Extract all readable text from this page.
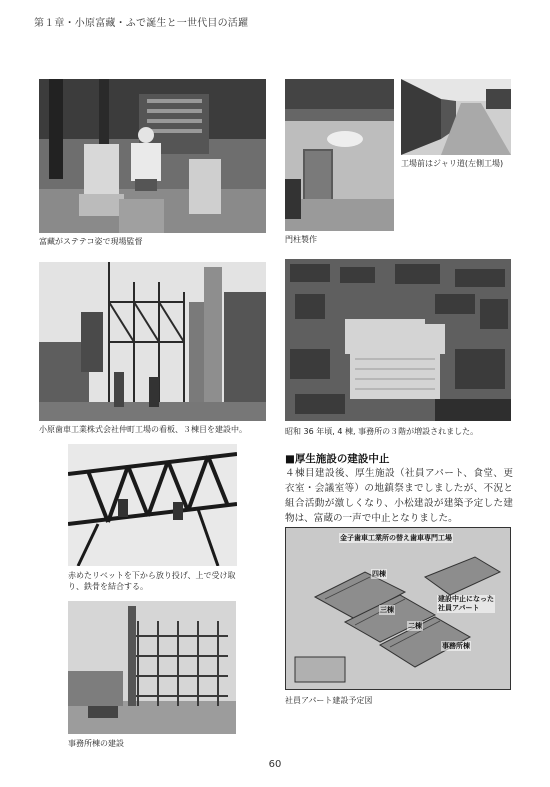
第１章・小原富藏・ふで誕生と一世代目の活躍
富藏がステテコ姿で現場監督	門柱製作
工場前はジャリ道(左側工場)
小原歯車工業株式会社仲町工場の看板、３棟目を建設中。	昭和 36 年頃, 4 棟, 事務所の３階が増設されました。
赤めたリベットを下から放り投げ、上で受け取り、鉄骨を結合する。
事務所棟の建設
■厚生施設の建設中止
４棟目建設後、厚生施設（社員アパート、食堂、更衣室・会議室等）の地鎮祭までしましたが、不況と組合活動が激しくなり、小松建設が建築予定した建物は、富蔵の一声で中止となりました。
金子歯車工業所の替え歯車専門工場
四棟
三棟
二棟
建設中止になった社員アパート
事務所棟
社員アパート建設予定図
60
